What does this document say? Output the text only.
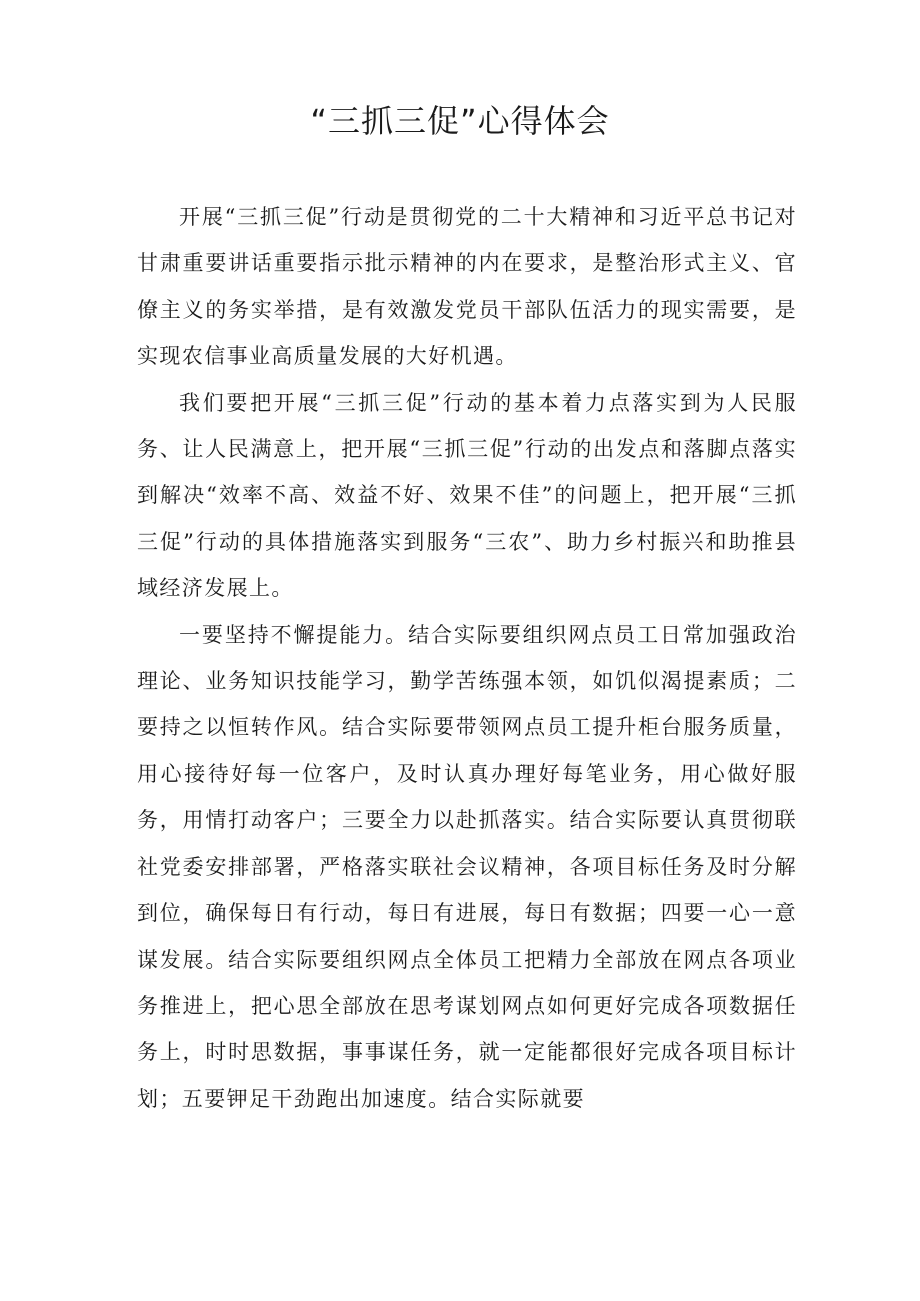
“三抓三促”心得体会

开展“三抓三促”行动是贯彻党的二十大精神和习近平总书记对甘肃重要讲话重要指示批示精神的内在要求，是整治形式主义、官僚主义的务实举措，是有效激发党员干部队伍活力的现实需要，是实现农信事业高质量发展的大好机遇。

我们要把开展“三抓三促”行动的基本着力点落实到为人民服务、让人民满意上，把开展“三抓三促”行动的出发点和落脚点落实到解决“效率不高、效益不好、效果不佳”的问题上，把开展“三抓三促”行动的具体措施落实到服务“三农”、助力乡村振兴和助推县域经济发展上。

一要坚持不懈提能力。结合实际要组织网点员工日常加强政治理论、业务知识技能学习，勤学苦练强本领，如饥似渴提素质；二要持之以恒转作风。结合实际要带领网点员工提升柜台服务质量，用心接待好每一位客户，及时认真办理好每笔业务，用心做好服务，用情打动客户；三要全力以赴抓落实。结合实际要认真贯彻联社党委安排部署，严格落实联社会议精神，各项目标任务及时分解到位，确保每日有行动，每日有进展，每日有数据；四要一心一意谋发展。结合实际要组织网点全体员工把精力全部放在网点各项业务推进上，把心思全部放在思考谋划网点如何更好完成各项数据任务上，时时思数据，事事谋任务，就一定能都很好完成各项目标计划；五要钾足干劲跑出加速度。结合实际就要
